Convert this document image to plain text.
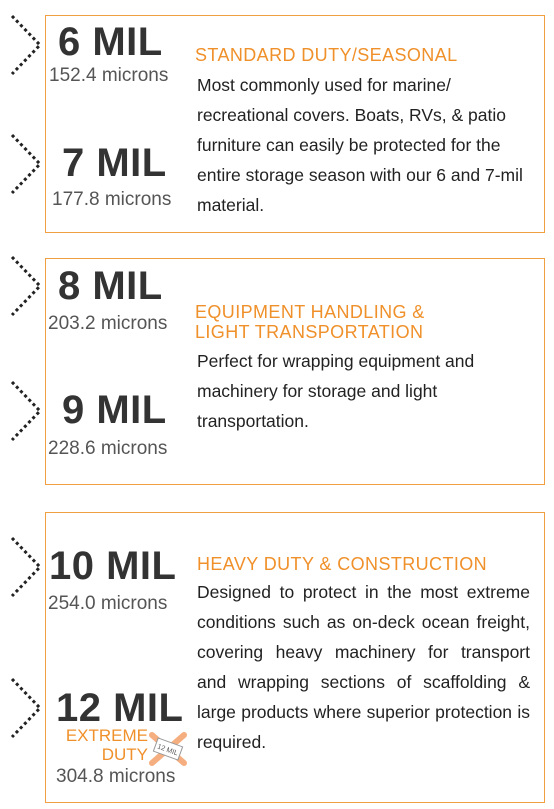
6 MIL
152.4 microns
7 MIL
177.8 microns
STANDARD DUTY/SEASONAL
Most commonly used for marine/ recreational covers. Boats, RVs, & patio furniture can easily be protected for the entire storage season with our 6 and 7-mil material.
8 MIL
203.2 microns
9 MIL
228.6 microns
EQUIPMENT HANDLING &
LIGHT TRANSPORTATION
Perfect for wrapping equipment and machinery for storage and light transportation.
10 MIL
254.0 microns
12 MIL
EXTREME
DUTY 12 MIL
304.8 microns
HEAVY DUTY & CONSTRUCTION
Designed to protect in the most extreme conditions such as on-deck ocean freight, covering heavy machinery for transport and wrapping sections of scaffolding & large products where superior protection is required.
